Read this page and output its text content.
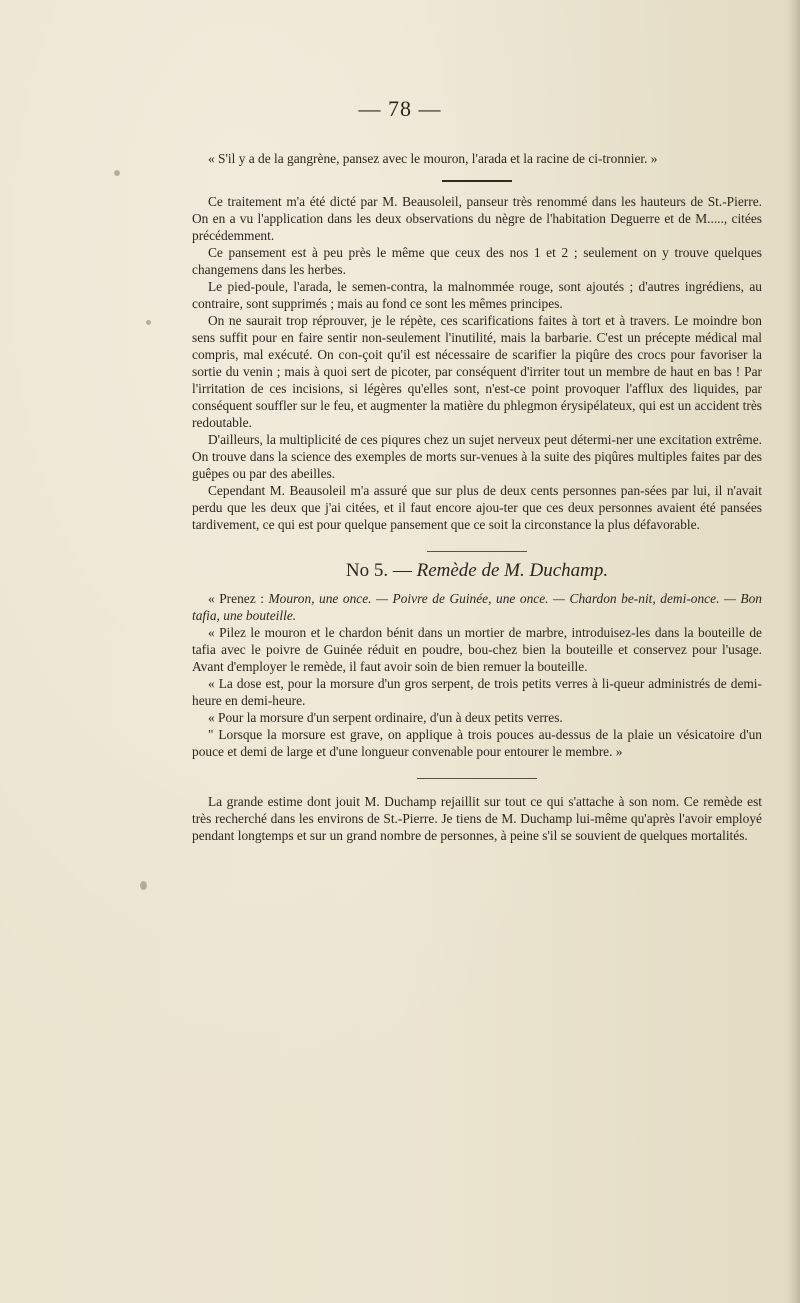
— 78 —

« S'il y a de la gangrène, pansez avec le mouron, l'arada et la racine de ci-tronnier. »

Ce traitement m'a été dicté par M. Beausoleil, panseur très renommé dans les hauteurs de St.-Pierre. On en a vu l'application dans les deux observations du nègre de l'habitation Deguerre et de M....., citées précédemment.

Ce pansement est à peu près le même que ceux des nos 1 et 2 ; seulement on y trouve quelques changemens dans les herbes.

Le pied-poule, l'arada, le semen-contra, la malnommée rouge, sont ajoutés ; d'autres ingrédiens, au contraire, sont supprimés ; mais au fond ce sont les mêmes principes.

On ne saurait trop réprouver, je le répète, ces scarifications faites à tort et à travers. Le moindre bon sens suffit pour en faire sentir non-seulement l'inutilité, mais la barbarie. C'est un précepte médical mal compris, mal exécuté. On con-çoit qu'il est nécessaire de scarifier la piqûre des crocs pour favoriser la sortie du venin ; mais à quoi sert de picoter, par conséquent d'irriter tout un membre de haut en bas ! Par l'irritation de ces incisions, si légères qu'elles sont, n'est-ce point provoquer l'afflux des liquides, par conséquent souffler sur le feu, et augmenter la matière du phlegmon érysipélateux, qui est un accident très redoutable.

D'ailleurs, la multiplicité de ces piqures chez un sujet nerveux peut détermi-ner une excitation extrême. On trouve dans la science des exemples de morts sur-venues à la suite des piqûres multiples faites par des guêpes ou par des abeilles.

Cependant M. Beausoleil m'a assuré que sur plus de deux cents personnes pan-sées par lui, il n'avait perdu que les deux que j'ai citées, et il faut encore ajou-ter que ces deux personnes avaient été pansées tardivement, ce qui est pour quelque pansement que ce soit la circonstance la plus défavorable.

No 5. — Remède de M. Duchamp.

« Prenez : Mouron, une once. — Poivre de Guinée, une once. — Chardon be-nit, demi-once. — Bon tafia, une bouteille.

« Pilez le mouron et le chardon bénit dans un mortier de marbre, introduisez-les dans la bouteille de tafia avec le poivre de Guinée réduit en poudre, bou-chez bien la bouteille et conservez pour l'usage. Avant d'employer le remède, il faut avoir soin de bien remuer la bouteille.

« La dose est, pour la morsure d'un gros serpent, de trois petits verres à li-queur administrés de demi-heure en demi-heure.

« Pour la morsure d'un serpent ordinaire, d'un à deux petits verres.

" Lorsque la morsure est grave, on applique à trois pouces au-dessus de la plaie un vésicatoire d'un pouce et demi de large et d'une longueur convenable pour entourer le membre. »

La grande estime dont jouit M. Duchamp rejaillit sur tout ce qui s'attache à son nom. Ce remède est très recherché dans les environs de St.-Pierre. Je tiens de M. Duchamp lui-même qu'après l'avoir employé pendant longtemps et sur un grand nombre de personnes, à peine s'il se souvient de quelques mortalités.
